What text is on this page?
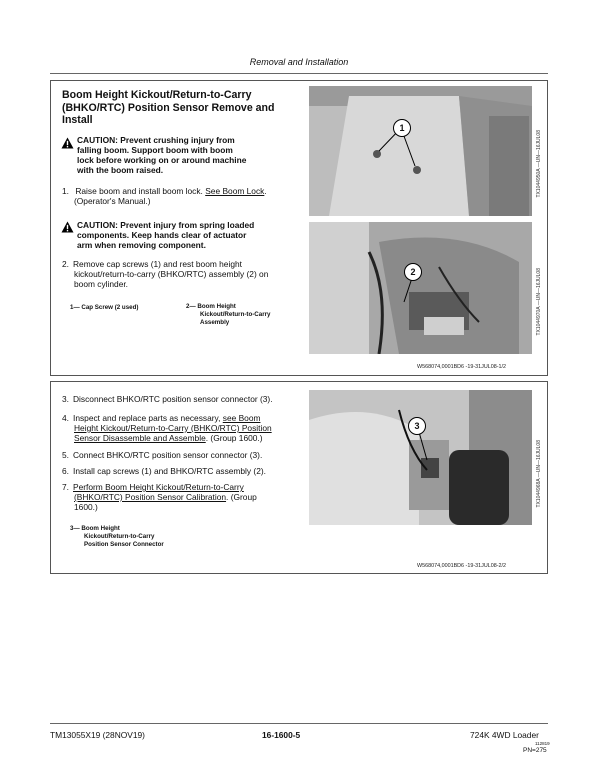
Removal and Installation
Boom Height Kickout/Return-to-Carry
(BHKO/RTC) Position Sensor Remove and
Install
CAUTION: Prevent crushing injury from
falling boom. Support boom with boom
lock before working on or around machine
with the boom raised.
1. Raise boom and install boom lock. See Boom Lock.
(Operator's Manual.)
CAUTION: Prevent injury from spring loaded
components. Keep hands clear of actuator
arm when removing component.
2. Remove cap screws (1) and rest boom height
kickout/return-to-carry (BHKO/RTC) assembly (2) on
boom cylinder.
1— Cap Screw (2 used)	2— Boom Height
Kickout/Return-to-Carry
Assembly
1
TX1044950A —UN—16JUL08
2	TX1044970A —UN—16JUL08
W568074,0001BD6 -19-31JUL08-1/2
3. Disconnect BHKO/RTC position sensor connector (3).
4. Inspect and replace parts as necessary, see Boom
Height Kickout/Return-to-Carry (BHKO/RTC) Position
Sensor Disassemble and Assemble. (Group 1600.)
5. Connect BHKO/RTC position sensor connector (3).
6. Install cap screws (1) and BHKO/RTC assembly (2).
7. Perform Boom Height Kickout/Return-to-Carry
(BHKO/RTC) Position Sensor Calibration. (Group
1600.)
3— Boom Height
Kickout/Return-to-Carry
Position Sensor Connector
3
TX1044968A —UN—16JUL08
W568074,0001BD6 -19-31JUL08-2/2
TM13055X19 (28NOV19)	16-1600-5	724K 4WD Loader
112819
PN=275
